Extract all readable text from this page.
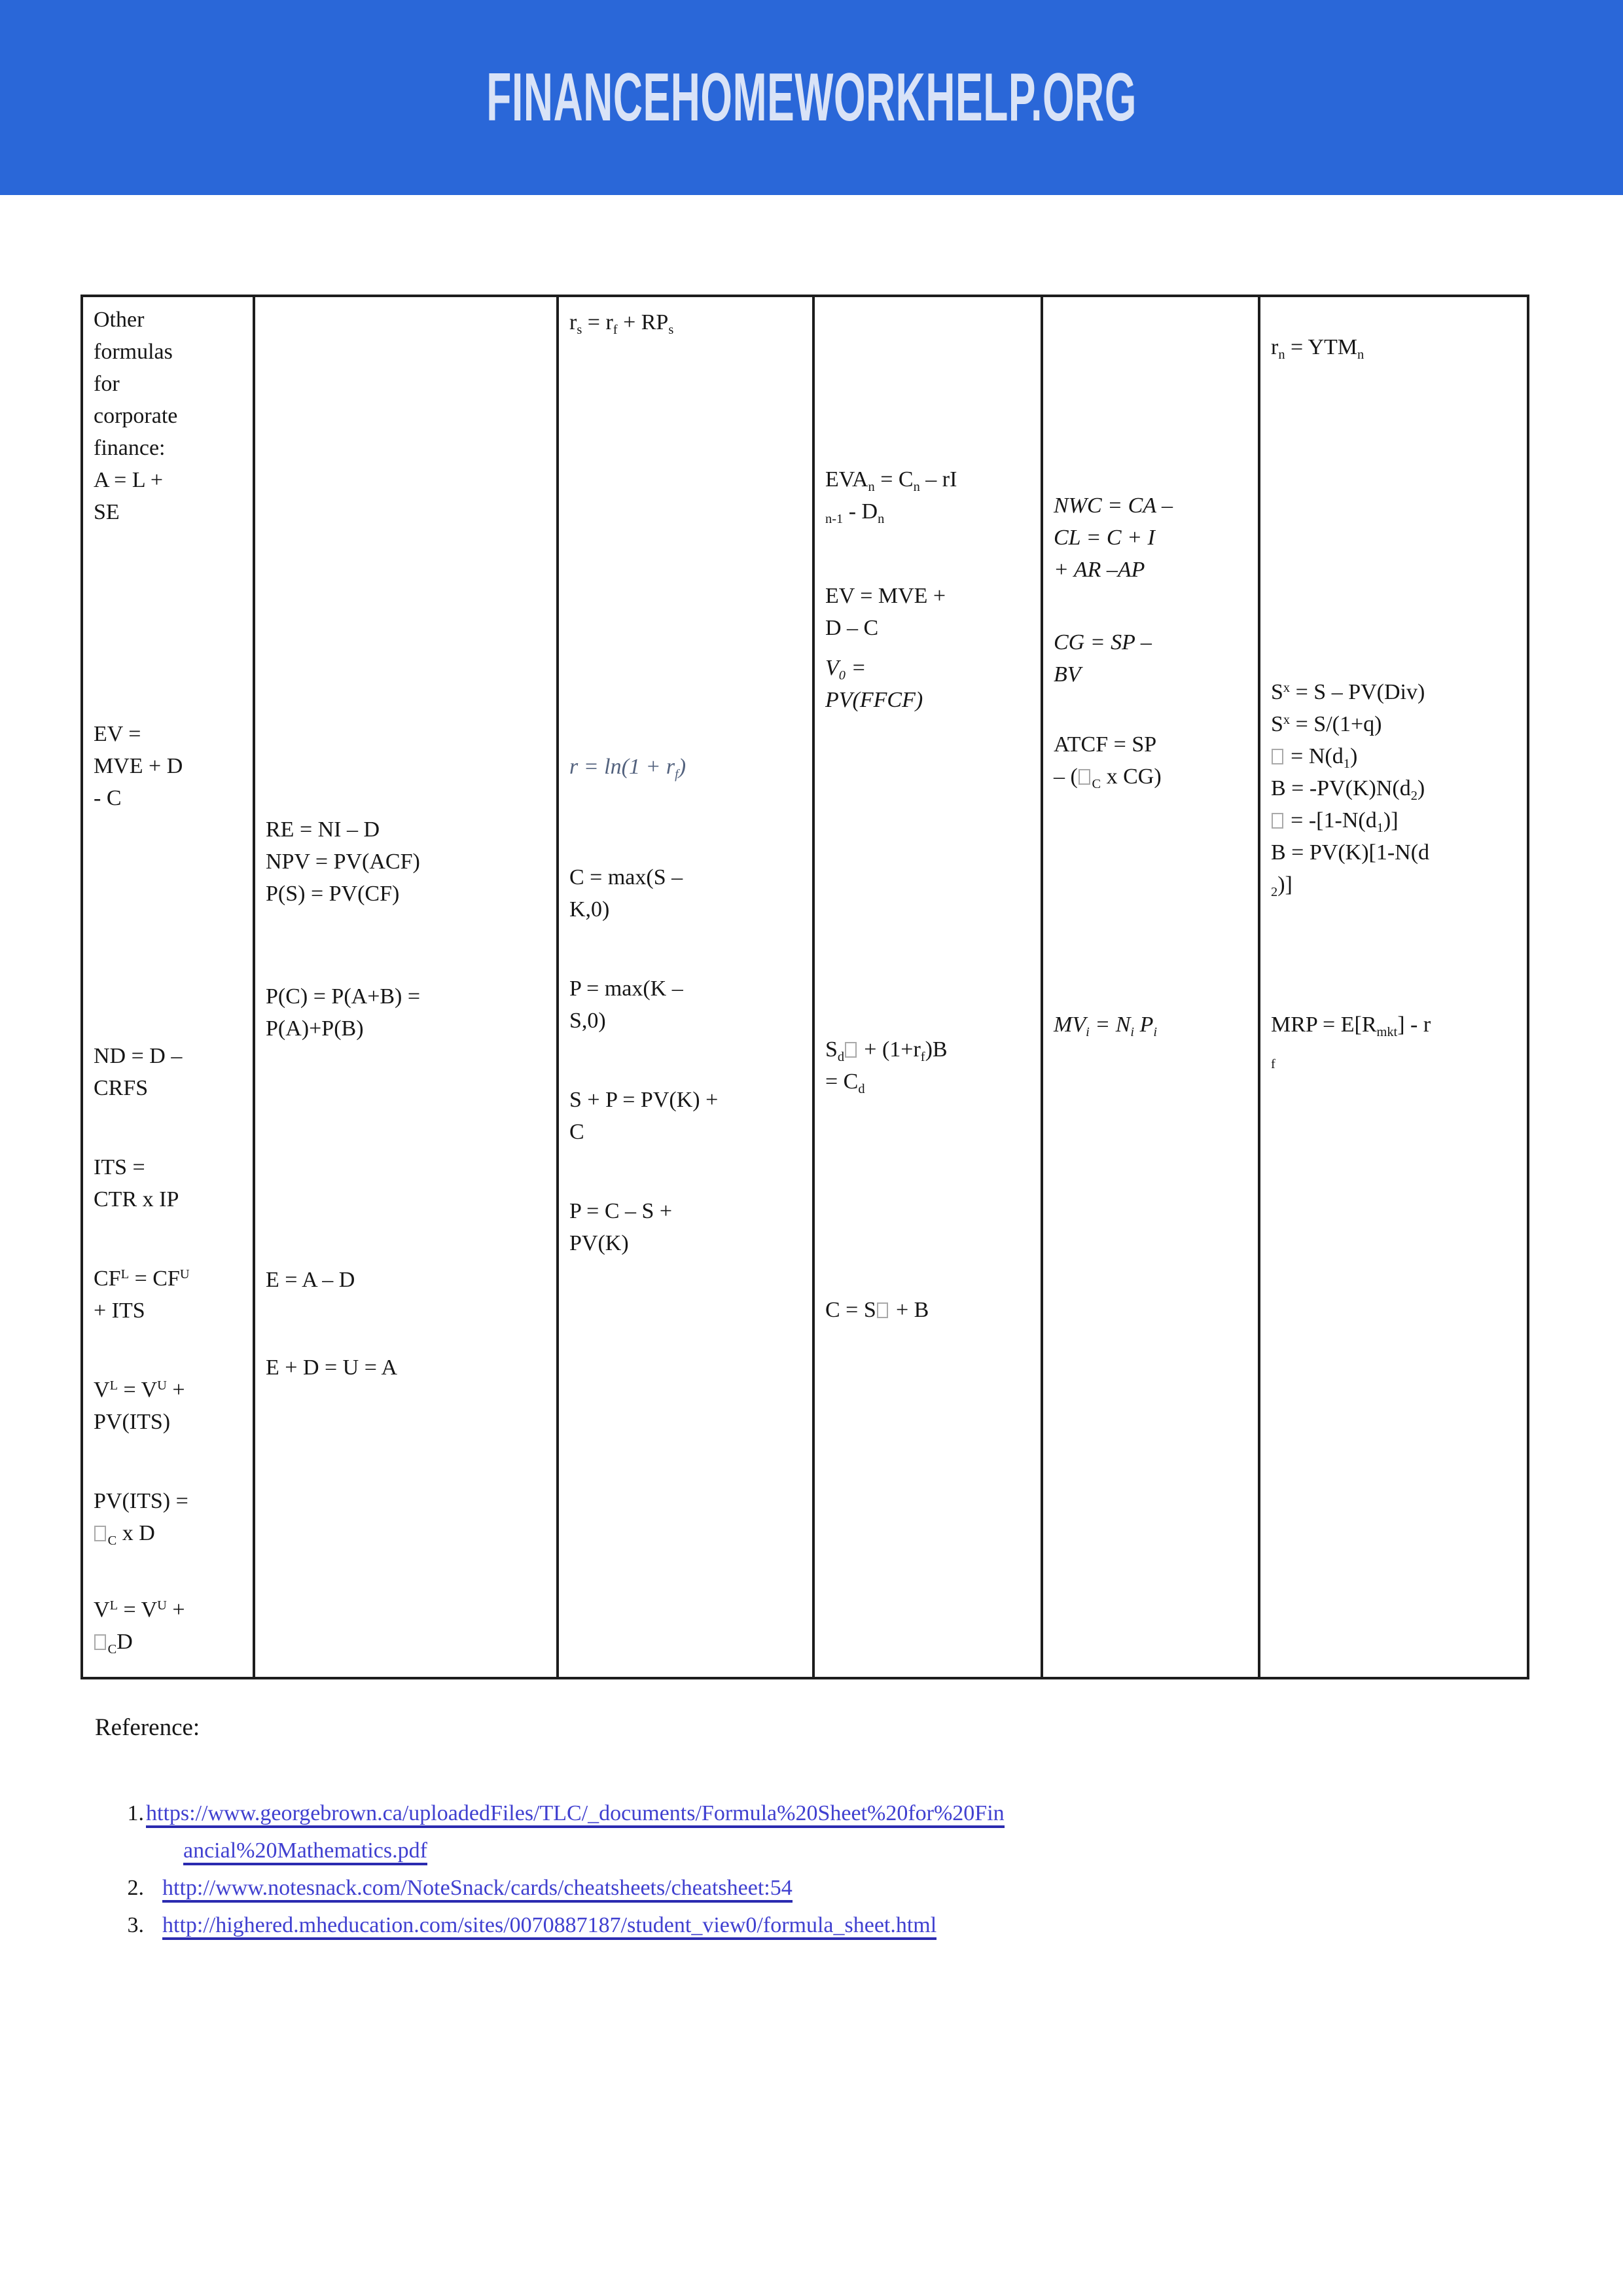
FINANCEHOMEWORKHELP.ORG
Other
formulas
for
corporate
finance:
A = L +
SE
EV =
MVE + D
- C
ND = D –
CRFS
ITS =
CTR x IP
$CF^L = CF^U$
+ ITS
$V^L = V^U$ +
PV(ITS)
PV(ITS) =
$_C$ x D
$V^L = V^U$ +
$_C$D
RE = NI – D
NPV = PV(ACF)
P(S) = PV(CF)
P(C) = P(A+B) =
P(A)+P(B)
E = A – D
E + D = U = A
$r_s = r_f + RP_s$
$r = \ln(1 + r_f)$
C = max(S –
K,0)
P = max(K –
S,0)
S + P = PV(K) +
C
P = C – S +
PV(K)
$EVA_n = C_n$ – rI
$_{n-1} - D_n$
EV = MVE +
D – C
$V_0$ =
PV(FFCF)
$S_d + (1+r_f)B$
= $C_d$
C = S + B
NWC = CA –
CL = C + I
+ AR –AP
CG = SP –
BV
ATCF = SP
– ( $_C$ x CG)
$MV_i = N_i$ $P_i$
$r_n = YTM_n$
$S^x = S - PV(Div)$
$S^x = S/(1+q)$
= $N(d_1)$
$B = -PV(K)N(d_2)$
= $-[1-N(d_1)]$
B = PV(K)[1-N(d
$_2$)]
MRP = $E[R_{mkt}]$ - r
$_f$
Reference:
1.https://www.georgebrown.ca/uploadedFiles/TLC/_documents/Formula%20Sheet%20for%20Fin
ancial%20Mathematics.pdf
2. http://www.notesnack.com/NoteSnack/cards/cheatsheets/cheatsheet:54
3. http://highered.mheducation.com/sites/0070887187/student_view0/formula_sheet.html
